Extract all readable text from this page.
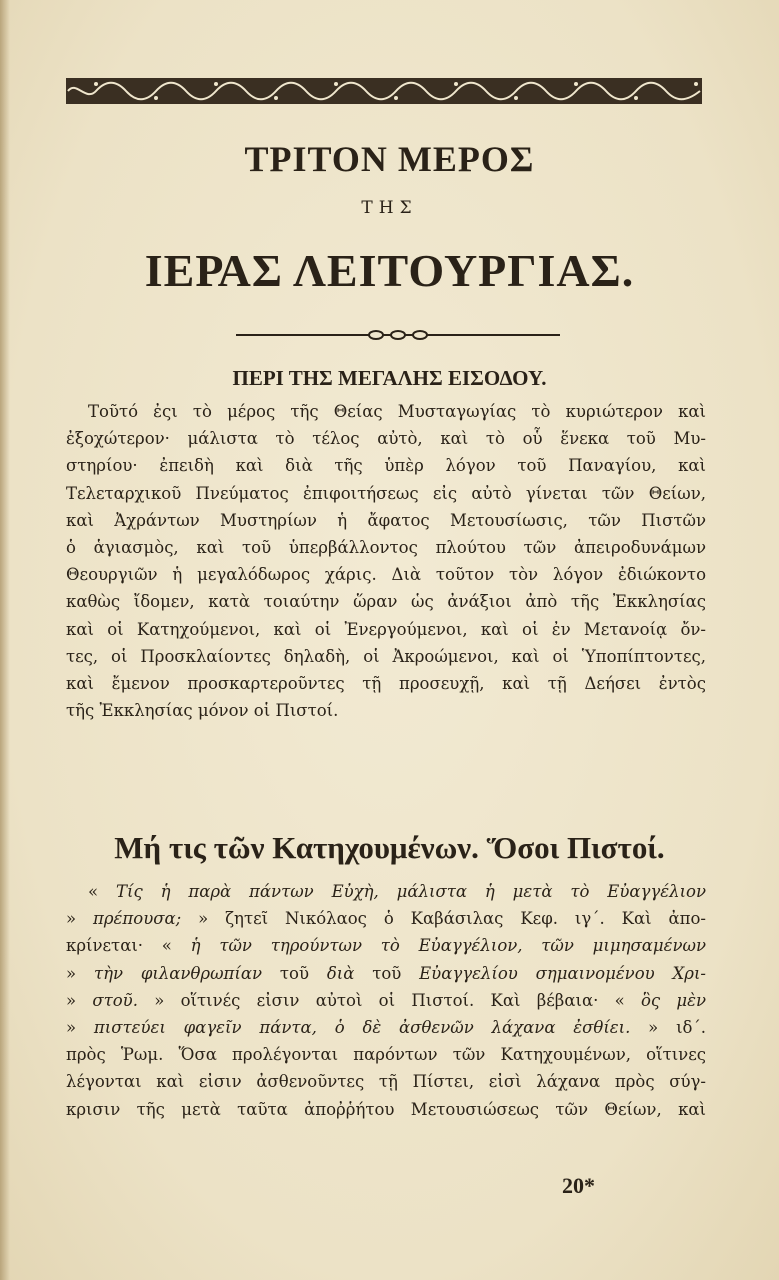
ΤΡΙΤΟΝ ΜΕΡΟΣ
ΤΗΣ
ΙΕΡΑΣ ΛΕΙΤΟΥΡΓΙΑΣ.
ΠΕΡΙ ΤΗΣ ΜΕΓΑΛΗΣ ΕΙΣΟΔΟΥ.

Τοῦτό ἐςι τὸ μέρος τῆς Θείας Μυσταγωγίας τὸ κυριώτερον καὶ
ἐξοχώτερον· μάλιστα τὸ τέλος αὐτὸ, καὶ τὸ οὗ ἕνεκα τοῦ Μυ-
στηρίου· ἐπειδὴ καὶ διὰ τῆς ὑπὲρ λόγον τοῦ Παναγίου, καὶ
Τελεταρχικοῦ Πνεύματος ἐπιφοιτήσεως εἰς αὐτὸ γίνεται τῶν Θείων,
καὶ Ἀχράντων Μυστηρίων ἡ ἄφατος Μετουσίωσις, τῶν Πιστῶν
ὁ ἁγιασμὸς, καὶ τοῦ ὑπερβάλλοντος πλούτου τῶν ἀπειροδυνάμων
Θεουργιῶν ἡ μεγαλόδωρος χάρις. Διὰ τοῦτον τὸν λόγον ἐδιώκοντο
καθὼς ἴδομεν, κατὰ τοιαύτην ὥραν ὡς ἀνάξιοι ἀπὸ τῆς Ἐκκλησίας
καὶ οἱ Κατηχούμενοι, καὶ οἱ Ἐνεργούμενοι, καὶ οἱ ἐν Μετανοίᾳ ὄν-
τες, οἱ Προσκλαίοντες δηλαδὴ, οἱ Ἀκροώμενοι, καὶ οἱ Ὑποπίπτοντες,
καὶ ἔμενον προσκαρτεροῦντες τῇ προσευχῇ, καὶ τῇ Δεήσει ἐντὸς
τῆς Ἐκκλησίας μόνον οἱ Πιστοί.

Μή τις τῶν Κατηχουμένων. Ὅσοι Πιστοί.

« Τίς ἡ παρὰ πάντων Εὐχὴ, μάλιστα ἡ μετὰ τὸ Εὐαγγέλιον
» πρέπουσα; » ζητεῖ Νικόλαος ὁ Καβάσιλας Κεφ. ιγ΄. Καὶ ἀπο-
κρίνεται· « ἡ τῶν τηρούντων τὸ Εὐαγγέλιον, τῶν μιμησαμένων
» τὴν φιλανθρωπίαν τοῦ διὰ τοῦ Εὐαγγελίου σημαινομένου Χρι-
» στοῦ. » οἵτινές εἰσιν αὐτοὶ οἱ Πιστοί. Καὶ βέβαια· « ὃς μὲν
» πιστεύει φαγεῖν πάντα, ὁ δὲ ἀσθενῶν λάχανα ἐσθίει. » ιδ΄.
πρὸς Ῥωμ. Ὅσα προλέγονται παρόντων τῶν Κατηχουμένων, οἵτινες
λέγονται καὶ εἰσιν ἀσθενοῦντες τῇ Πίστει, εἰσὶ λάχανα πρὸς σύγ-
κρισιν τῆς μετὰ ταῦτα ἀποῤῥήτου Μετουσιώσεως τῶν Θείων, καὶ

20*
